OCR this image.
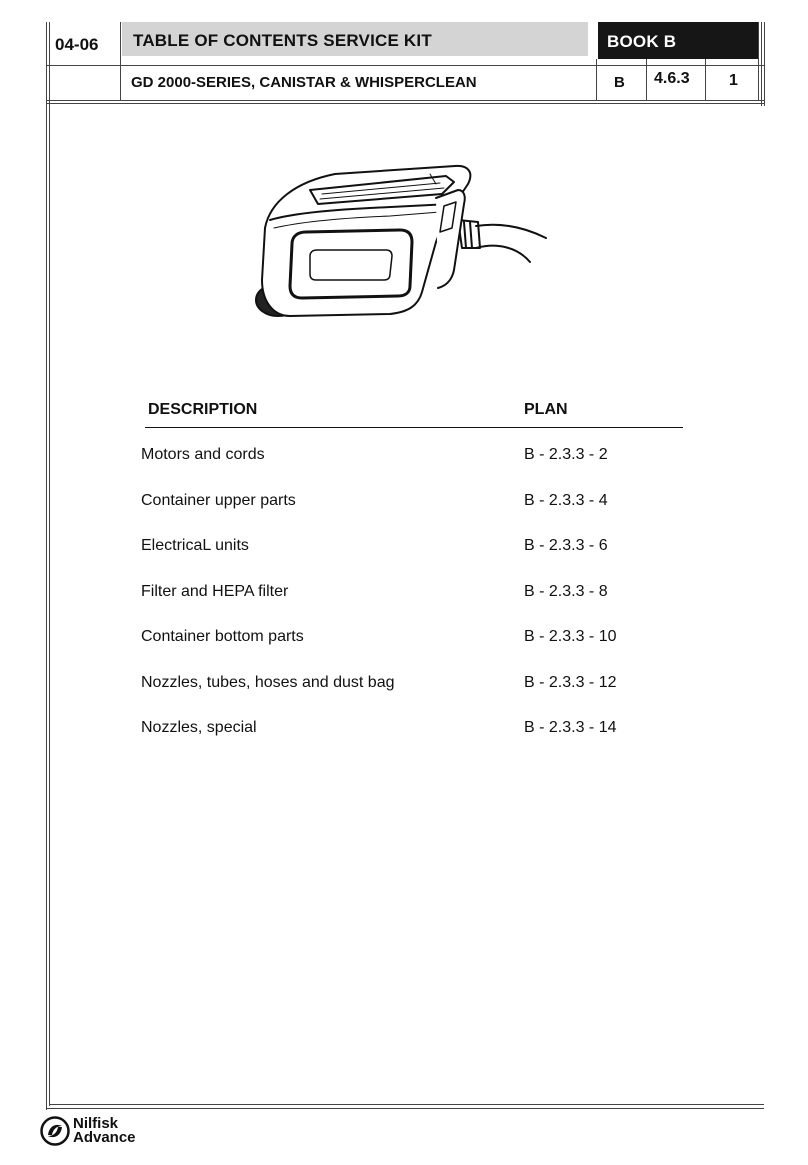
04-06 TABLE OF CONTENTS SERVICE KIT	BOOK B
GD 2000-SERIES, CANISTAR & WHISPERCLEAN	B 4.6.3 1
DESCRIPTION	PLAN
Motors and cords	B - 2.3.3 - 2
Container upper parts	B - 2.3.3 - 4
ElectricaL units	B - 2.3.3 - 6
Filter and HEPA filter	B - 2.3.3 - 8
Container bottom parts	B - 2.3.3 - 10
Nozzles, tubes, hoses and dust bag	B - 2.3.3 - 12
Nozzles, special	B - 2.3.3 - 14
Nilfisk
Advance
